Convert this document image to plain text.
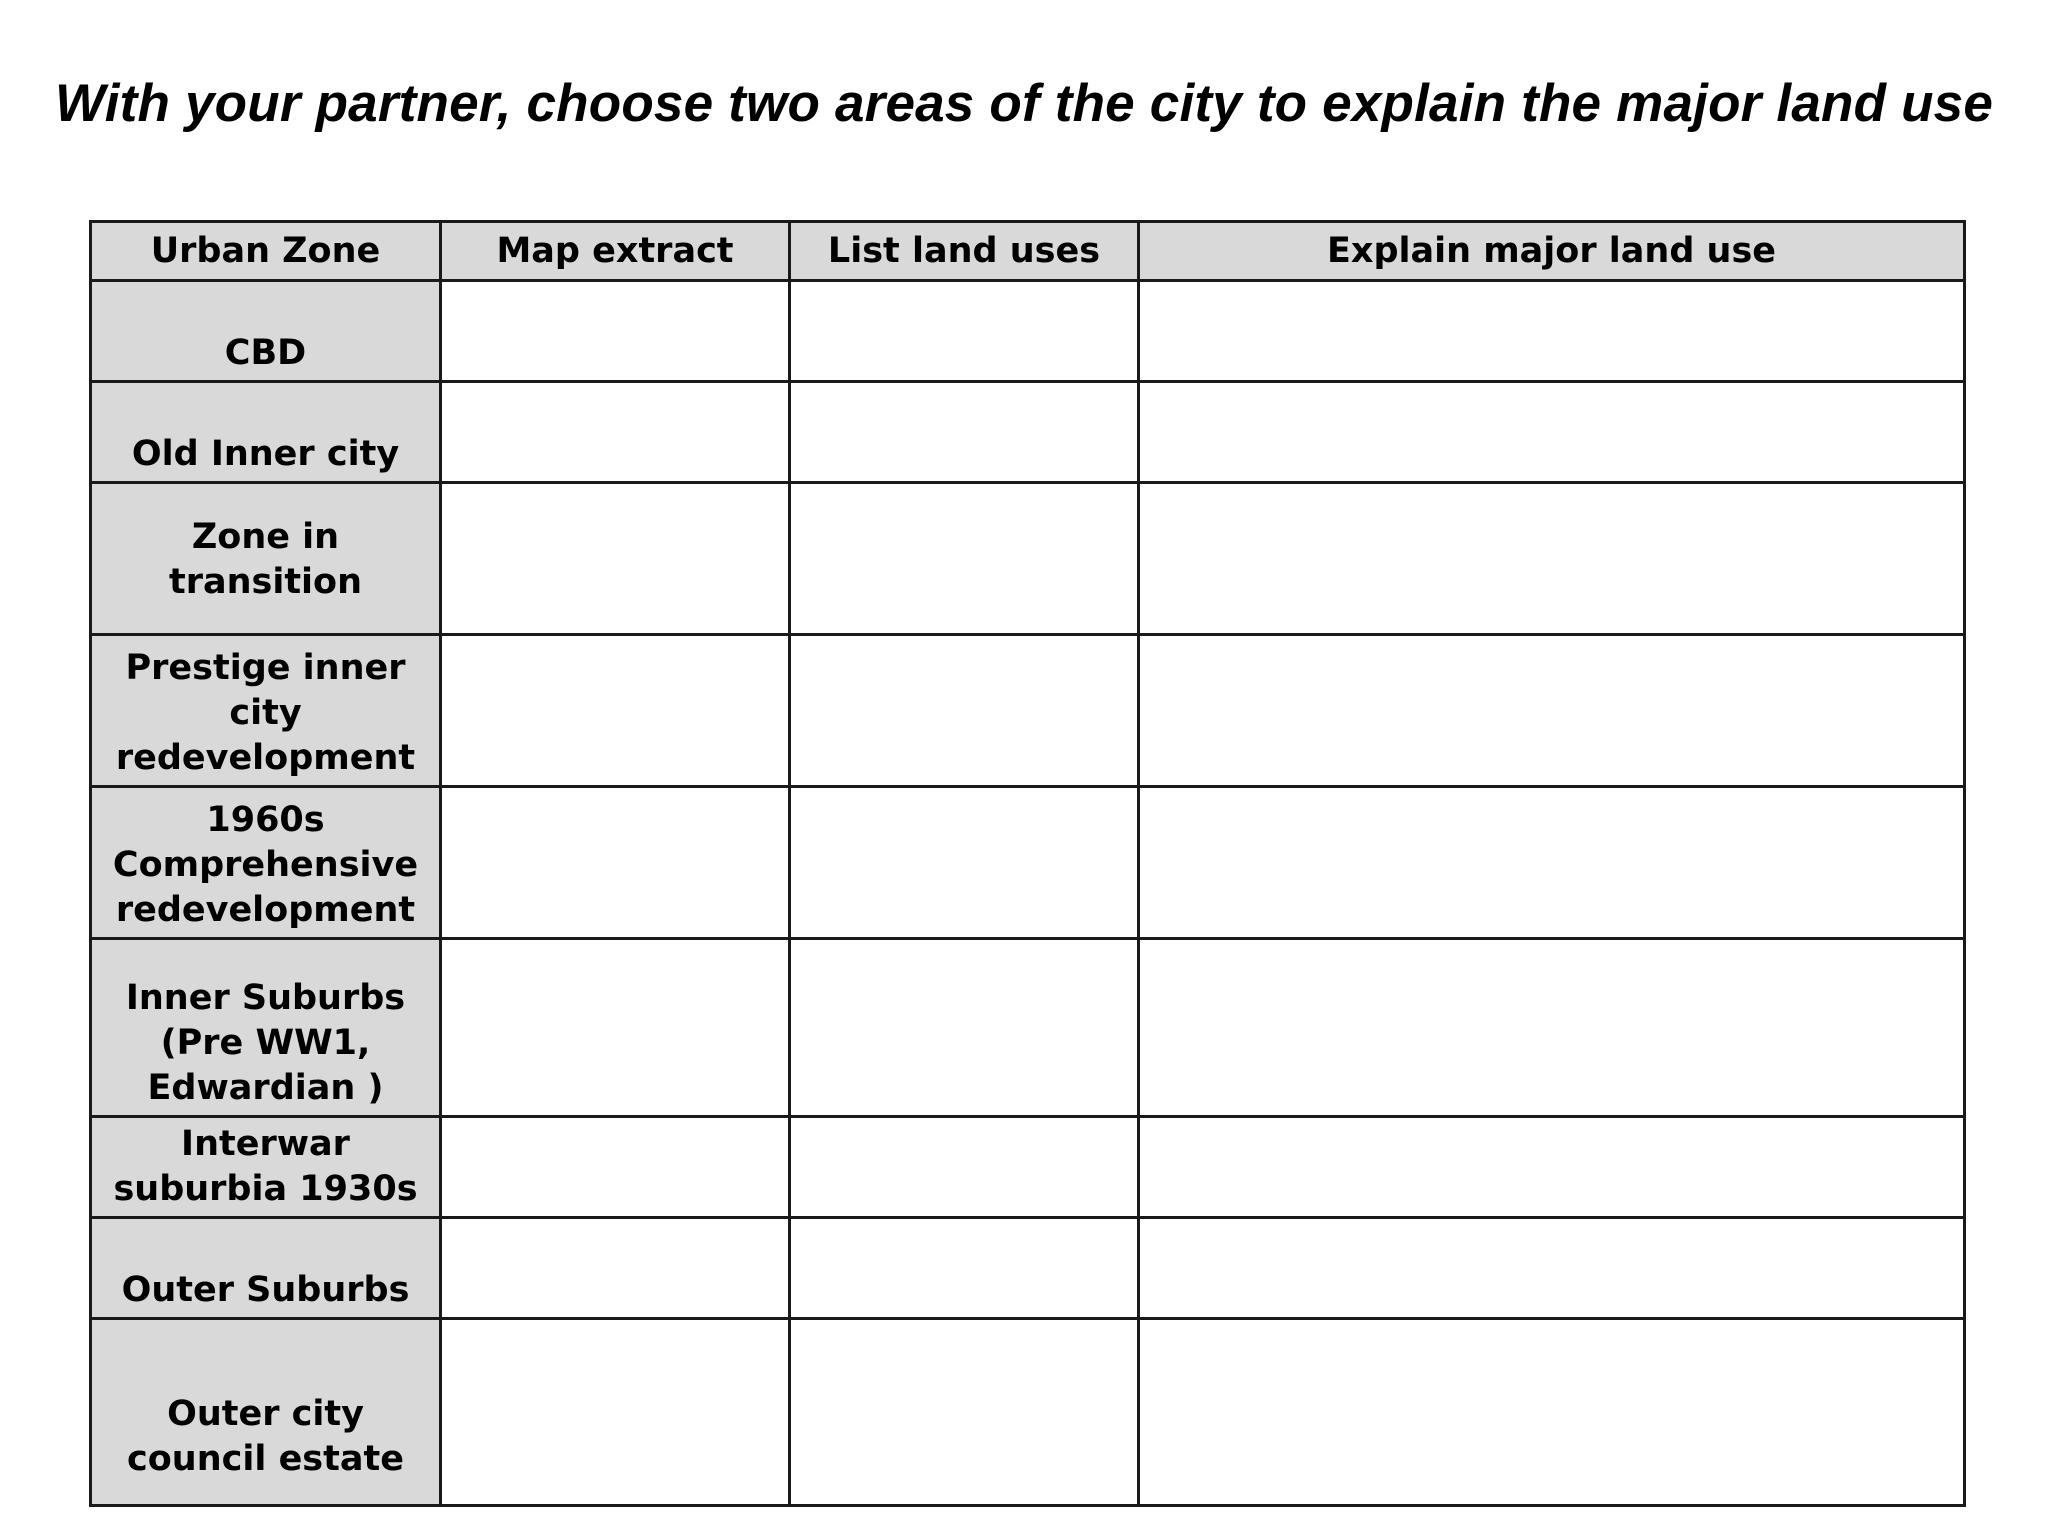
With your partner, choose two areas of the city to explain the major land use
Urban Zone	Map extract	List land uses	Explain major land use
CBD			
Old Inner city			
Zone in transition			
Prestige inner city redevelopment			
1960s Comprehensive redevelopment			
Inner Suburbs (Pre WW1, Edwardian )			
Interwar suburbia 1930s			
Outer Suburbs			
Outer city council estate			
